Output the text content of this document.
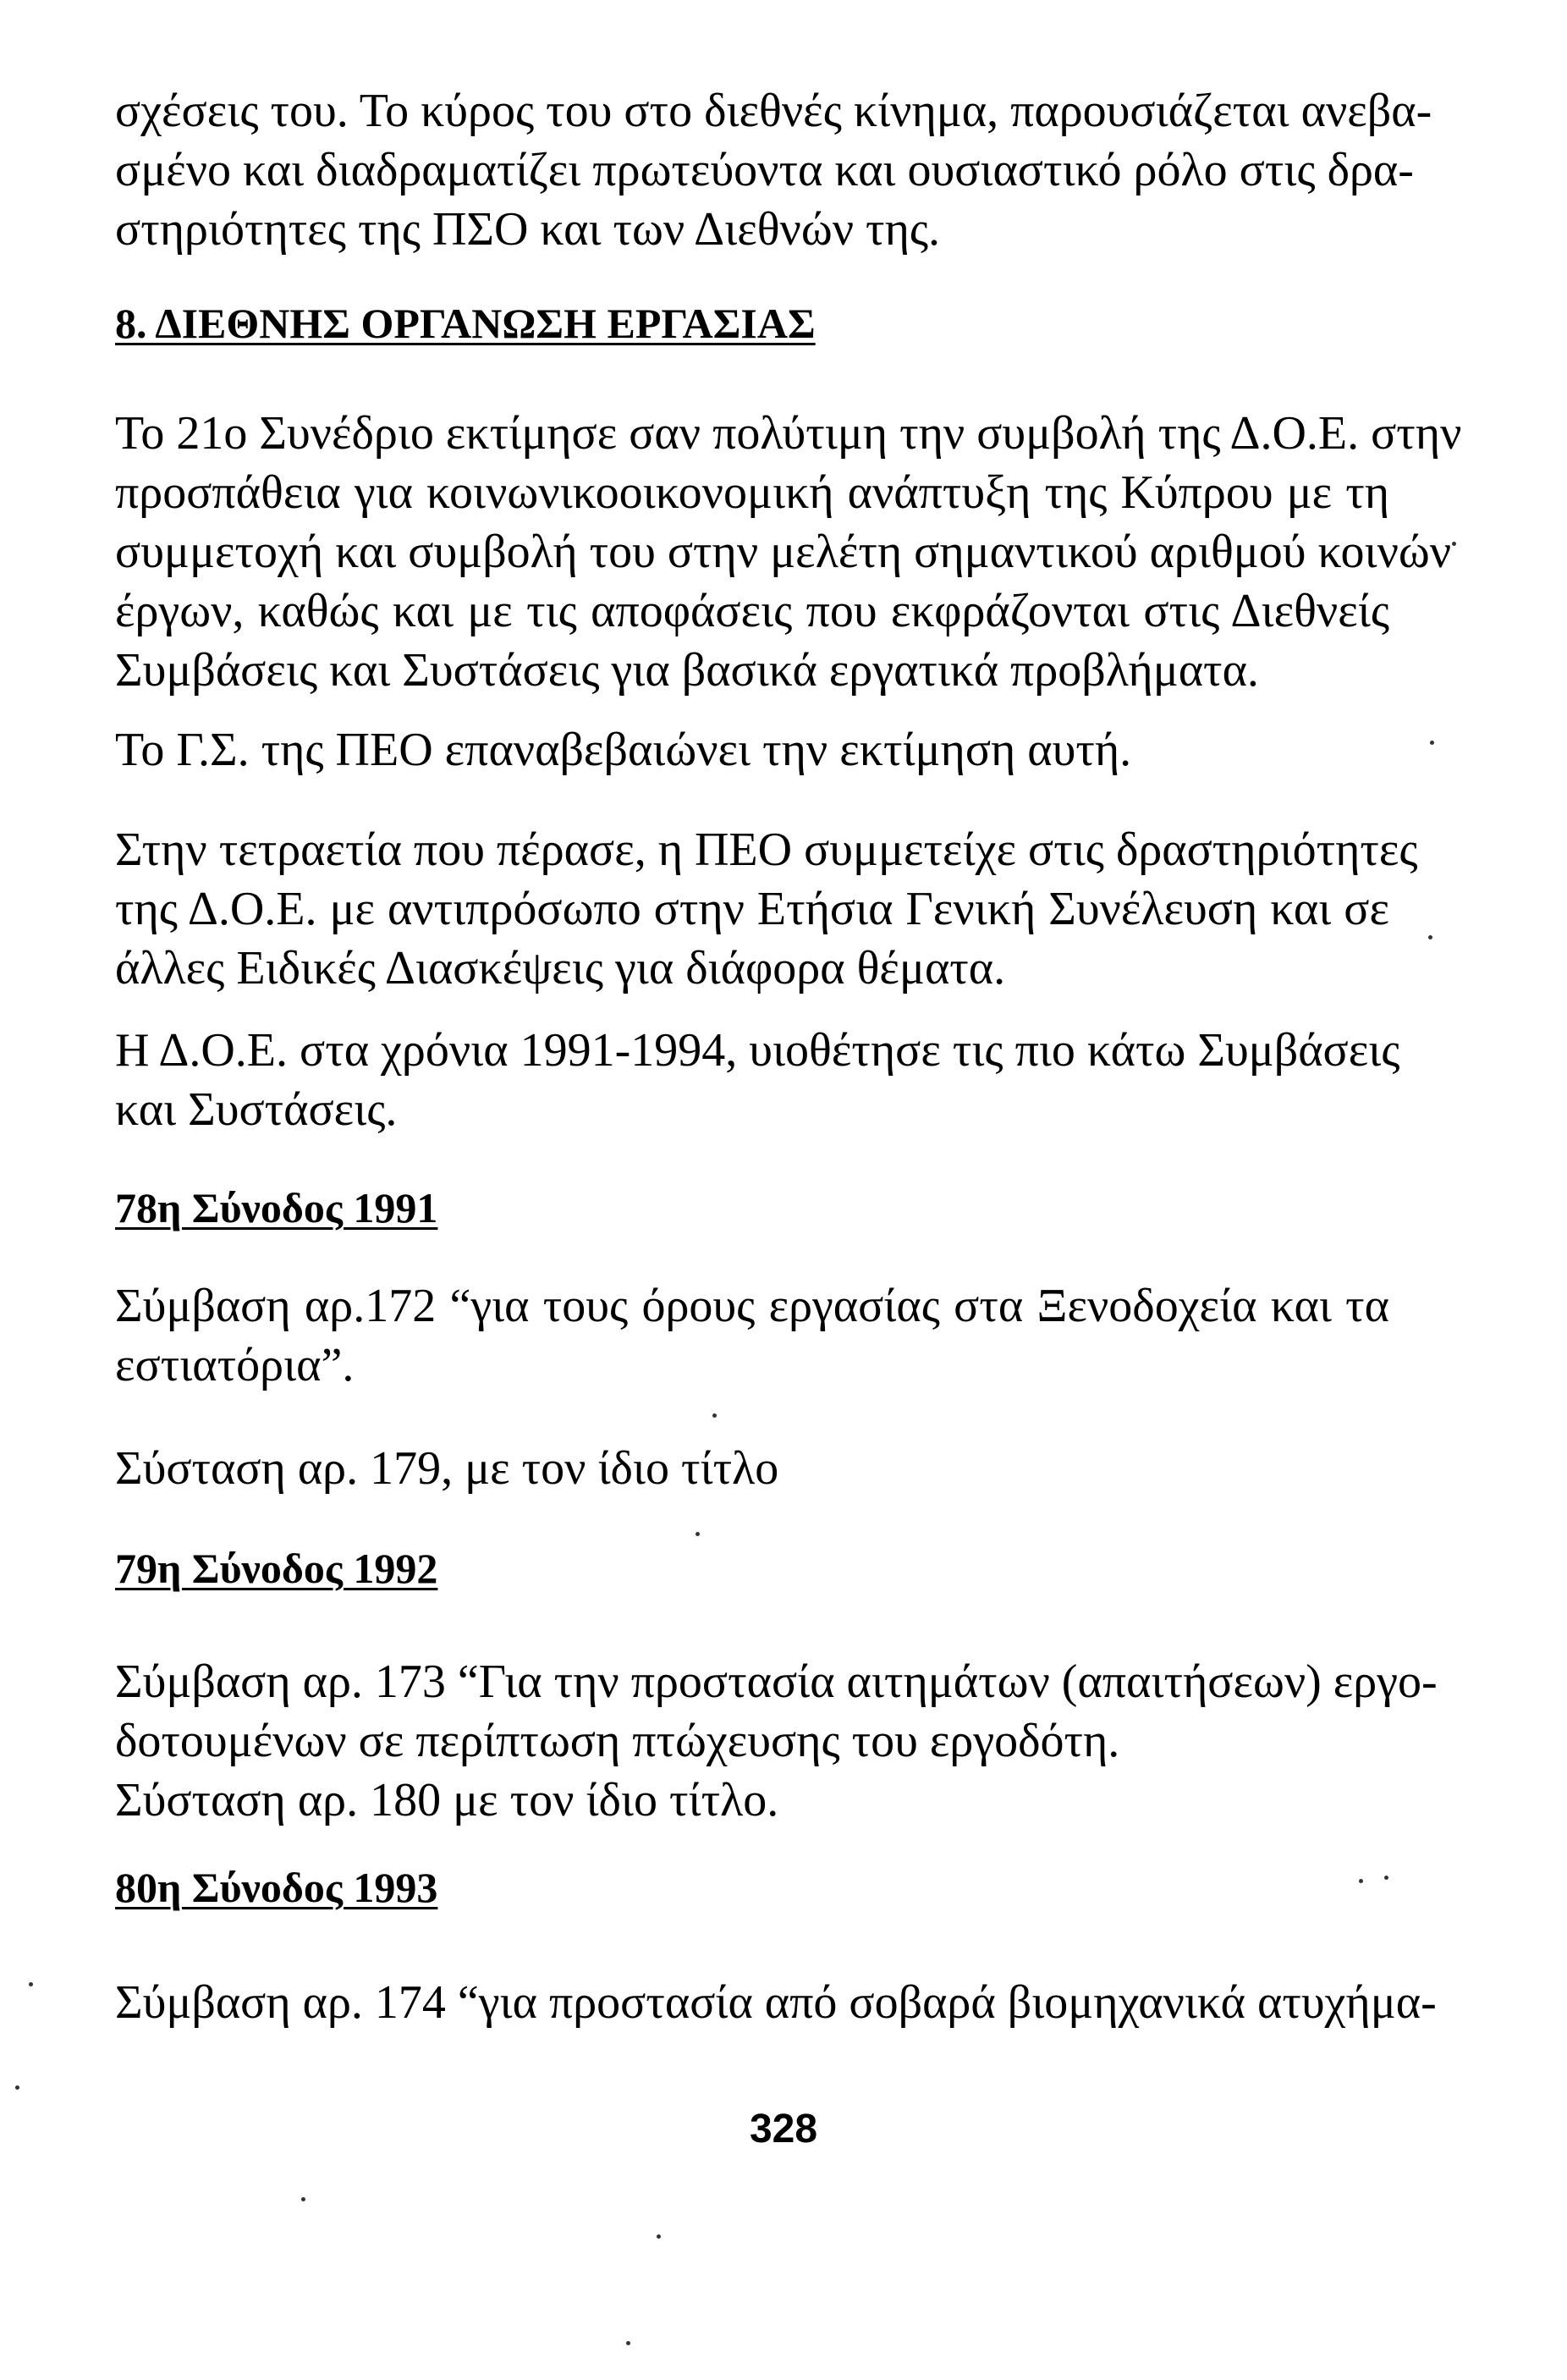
σχέσεις του. Το κύρος του στο διεθνές κίνημα, παρουσιάζεται ανεβα-
σμένο και διαδραματίζει πρωτεύοντα και ουσιαστικό ρόλο στις δρα-
στηριότητες της ΠΣΟ και των Διεθνών της.

8. ΔΙΕΘΝΗΣ ΟΡΓΑΝΩΣΗ ΕΡΓΑΣΙΑΣ

Το 21ο Συνέδριο εκτίμησε σαν πολύτιμη την συμβολή της Δ.Ο.Ε. στην
προσπάθεια για κοινωνικοοικονομική ανάπτυξη της Κύπρου με τη
συμμετοχή και συμβολή του στην μελέτη σημαντικού αριθμού κοινών
έργων, καθώς και με τις αποφάσεις που εκφράζονται στις Διεθνείς
Συμβάσεις και Συστάσεις για βασικά εργατικά προβλήματα.

Το Γ.Σ. της ΠΕΟ επαναβεβαιώνει την εκτίμηση αυτή.

Στην τετραετία που πέρασε, η ΠΕΟ συμμετείχε στις δραστηριότητες
της Δ.Ο.Ε. με αντιπρόσωπο στην Ετήσια Γενική Συνέλευση και σε
άλλες Ειδικές Διασκέψεις για διάφορα θέματα.

Η Δ.Ο.Ε. στα χρόνια 1991-1994, υιοθέτησε τις πιο κάτω Συμβάσεις
και Συστάσεις.

78η Σύνοδος 1991

Σύμβαση αρ.172 “για τους όρους εργασίας στα Ξενοδοχεία και τα
εστιατόρια”.

Σύσταση αρ. 179, με τον ίδιο τίτλο

79η Σύνοδος 1992

Σύμβαση αρ. 173 “Για την προστασία αιτημάτων (απαιτήσεων) εργο-
δοτουμένων σε περίπτωση πτώχευσης του εργοδότη.
Σύσταση αρ. 180 με τον ίδιο τίτλο.

80η Σύνοδος 1993

Σύμβαση αρ. 174 “για προστασία από σοβαρά βιομηχανικά ατυχήμα-

328
